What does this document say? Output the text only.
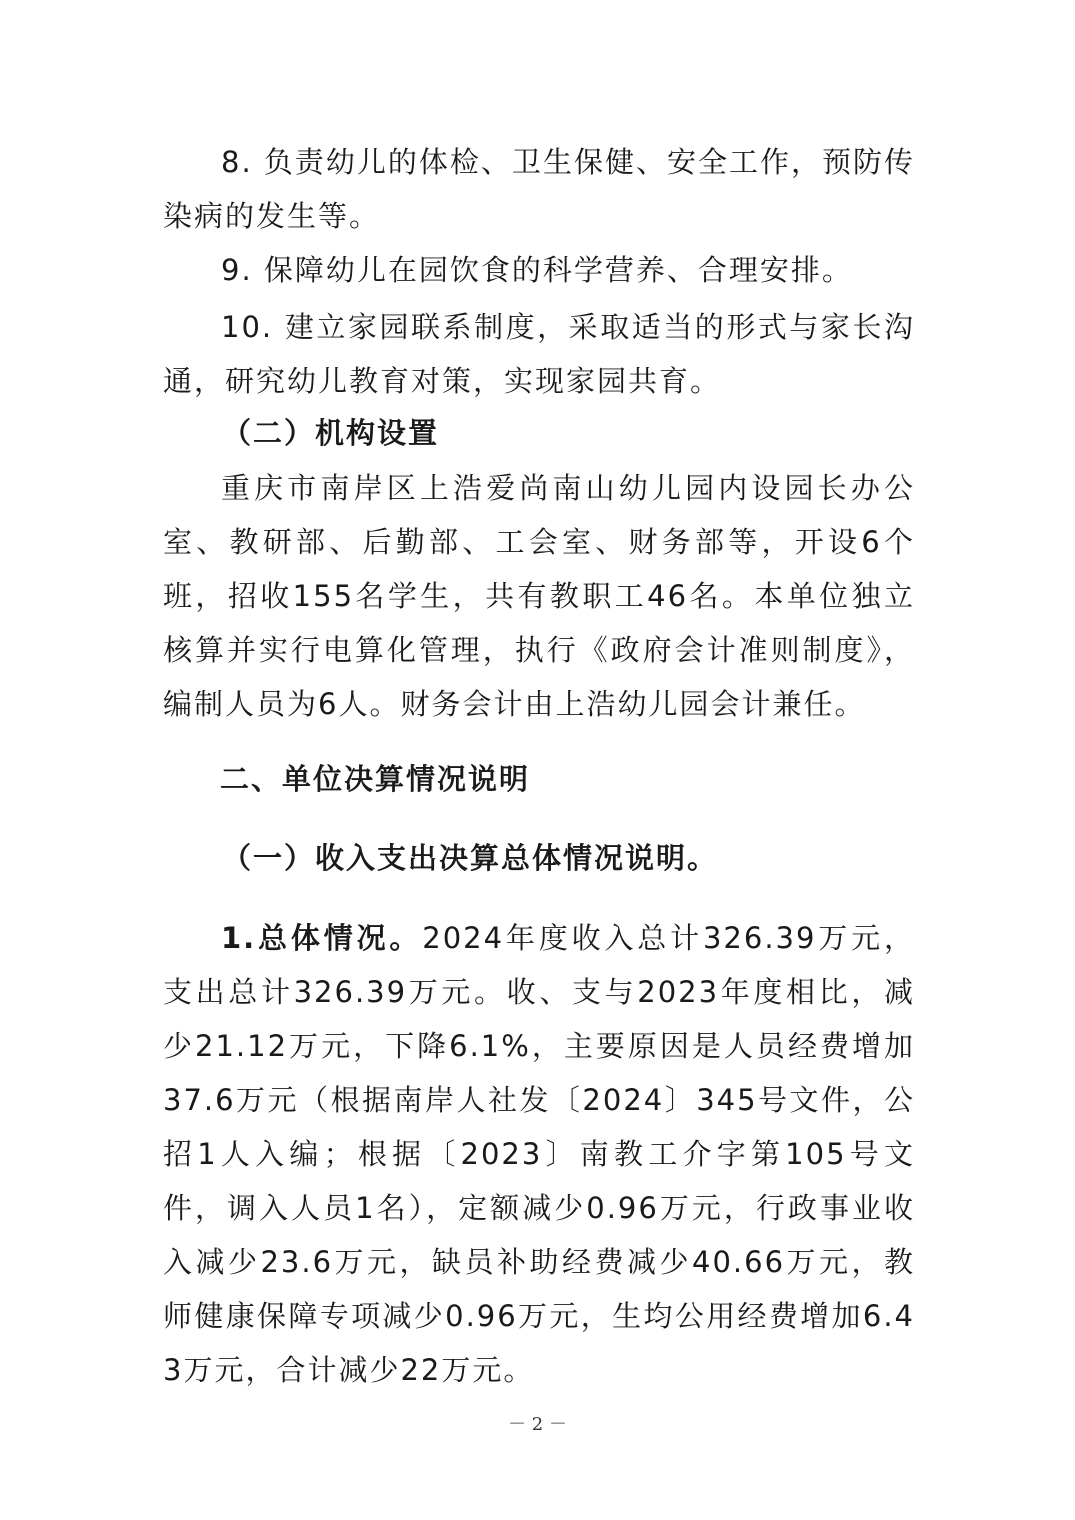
8. 负责幼儿的体检、卫生保健、安全工作，预防传染病的发生等。
9. 保障幼儿在园饮食的科学营养、合理安排。
10. 建立家园联系制度，采取适当的形式与家长沟通，研究幼儿教育对策，实现家园共育。
（二）机构设置
重庆市南岸区上浩爱尚南山幼儿园内设园长办公室、教研部、后勤部、工会室、财务部等，开设6个班，招收155名学生，共有教职工46名。本单位独立核算并实行电算化管理，执行《政府会计准则制度》，编制人员为6人。财务会计由上浩幼儿园会计兼任。
二、单位决算情况说明
（一）收入支出决算总体情况说明。
1.总体情况。2024年度收入总计326.39万元，支出总计326.39万元。收、支与2023年度相比，减少21.12万元，下降6.1%，主要原因是人员经费增加37.6万元（根据南岸人社发〔2024〕345号文件，公招1人入编；根据〔2023〕南教工介字第105号文件，调入人员1名），定额减少0.96万元，行政事业收入减少23.6万元，缺员补助经费减少40.66万元，教师健康保障专项减少0.96万元，生均公用经费增加6.43万元，合计减少22万元。
－ 2 －
